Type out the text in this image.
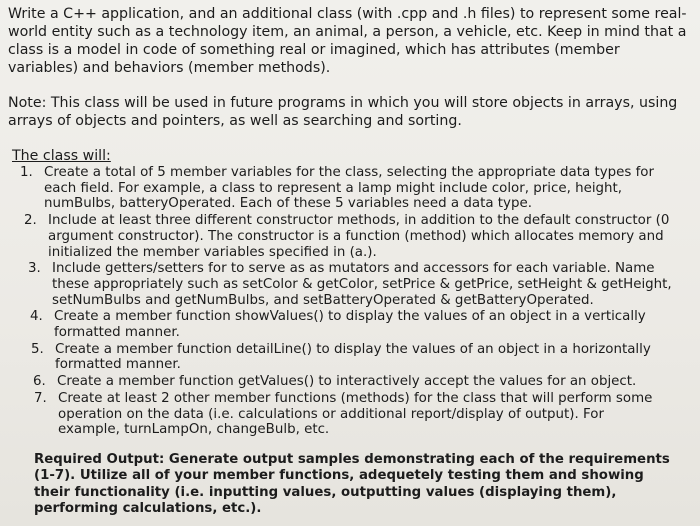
Write a C++ application, and an additional class (with .cpp and .h files) to represent some real-world entity such as a technology item, an animal, a person, a vehicle, etc. Keep in mind that a class is a model in code of something real or imagined, which has attributes (member variables) and behaviors (member methods).

Note: This class will be used in future programs in which you will store objects in arrays, using arrays of objects and pointers, as well as searching and sorting.

The class will:
1. Create a total of 5 member variables for the class, selecting the appropriate data types for each field. For example, a class to represent a lamp might include color, price, height, numBulbs, batteryOperated. Each of these 5 variables need a data type.
2. Include at least three different constructor methods, in addition to the default constructor (0 argument constructor). The constructor is a function (method) which allocates memory and initialized the member variables specified in (a.).
3. Include getters/setters for to serve as as mutators and accessors for each variable. Name these appropriately such as setColor & getColor, setPrice & getPrice, setHeight & getHeight, setNumBulbs and getNumBulbs, and setBatteryOperated & getBatteryOperated.
4. Create a member function showValues() to display the values of an object in a vertically formatted manner.
5. Create a member function detailLine() to display the values of an object in a horizontally formatted manner.
6. Create a member function getValues() to interactively accept the values for an object.
7. Create at least 2 other member functions (methods) for the class that will perform some operation on the data (i.e. calculations or additional report/display of output). For example, turnLampOn, changeBulb, etc.

Required Output: Generate output samples demonstrating each of the requirements (1-7). Utilize all of your member functions, adequetely testing them and showing their functionality (i.e. inputting values, outputting values (displaying them), performing calculations, etc.).
